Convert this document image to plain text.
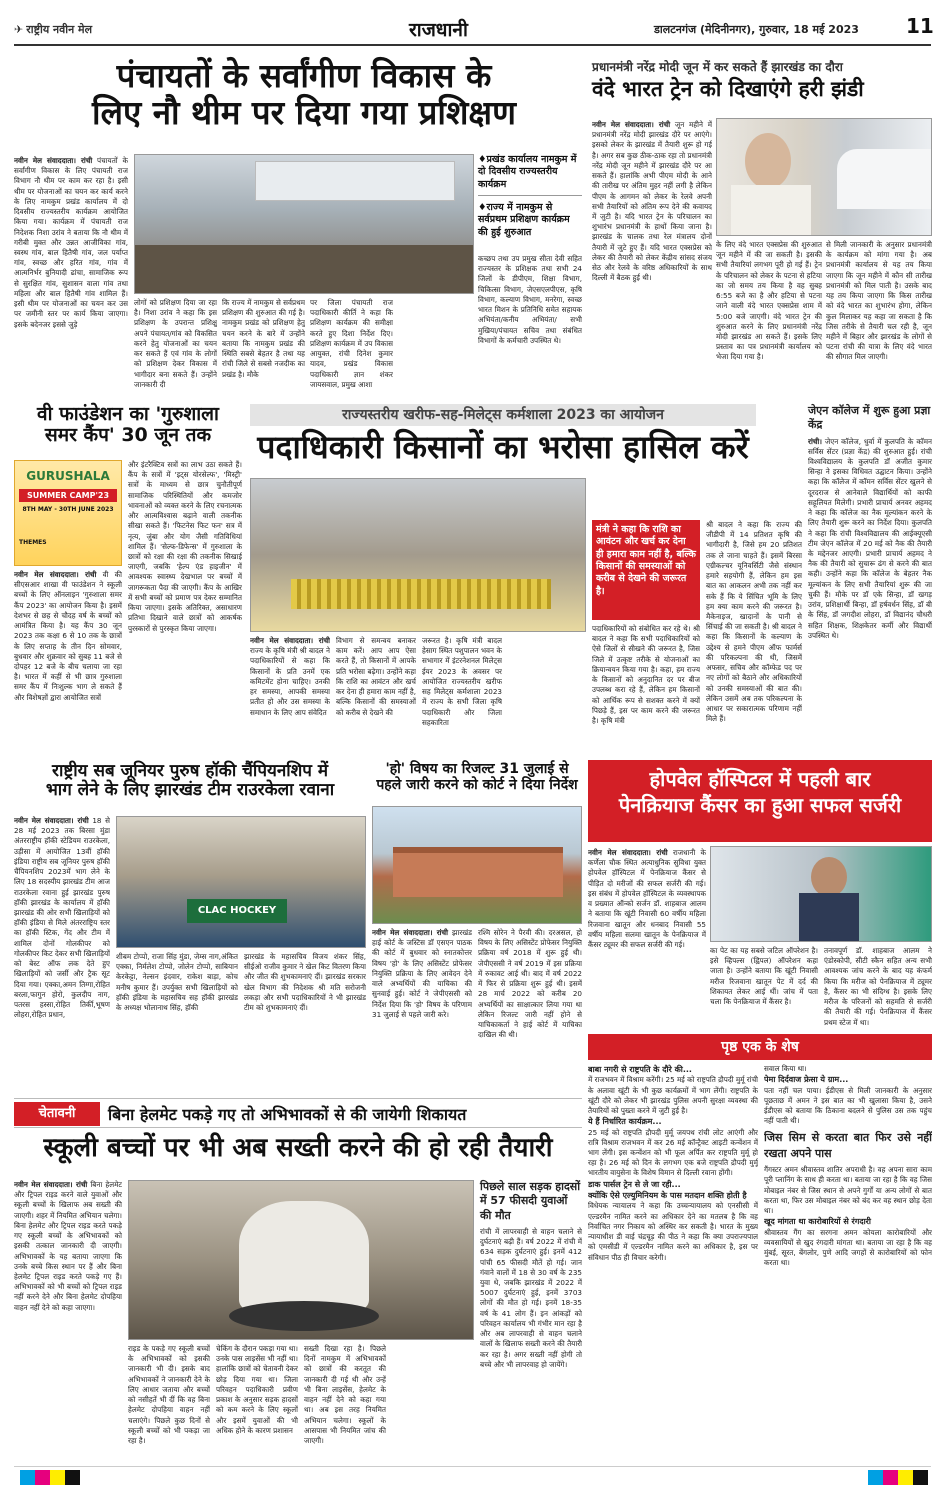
✈ राष्ट्रीय नवीन मेल	राजधानी	डालटनगंज (मेदिनीनगर), गुरुवार, 18 मई 2023 11
पंचायतों के सर्वांगीण विकास के
लिए नौ थीम पर दिया गया प्रशिक्षण
नवीन मेल संवाददाता। रांची पंचायतों के सर्वांगीण विकास के लिए पंचायती राज विभाग नौ थीम पर काम कर रहा है। इसी थीम पर योजनाओं का चयन कर कार्य करने के लिए नामकुम प्रखंड कार्यालय में दो दिवसीय राज्यस्तरीय कार्यक्रम आयोजित किया गया। कार्यक्रम में पंचायती राज निदेशक निशा उरांव ने बताया कि नौ थीम में गरीबी मुक्त और उन्नत आजीविका गांव, स्वस्थ गांव, बाल हितैषी गांव, जल पर्याप्त गांव, स्वच्छ और हरित गांव, गांव में आत्मनिर्भर बुनियादी ढांचा, सामाजिक रूप से सुरक्षित गांव, सुशासन वाला गांव तथा महिला और बाल हितैषी गांव शामिल हैं। इसी थीम पर योजनाओं का चयन कर उस पर जमीनी स्तर पर कार्य किया जाएगा। इसके बदेनजर इससे जुड़े
लोगों को प्रशिक्षण दिया जा रहा है। निशा उरांव ने कहा कि इस प्रशिक्षण के उपरान्त प्रशिक्षु अपने पंचायत/गांव को विकसित करने हेतु योजनाओं का चयन कर सकते हैं एवं गांव के लोगों को प्रशिक्षण देकर विकास में भागीदार बना सकते हैं। उन्होंने जानकारी दी
कि राज्य में नामकुम से सर्वप्रथम प्रशिक्षण की शुरुआत की गई है। नामकुम प्रखंड को प्रशिक्षण हेतु चयन करने के बारे में उन्होंने बताया कि नामकुम प्रखंड की स्थिति सबसे बेहतर है तथा यह रांची जिले से सबसे नजदीक का प्रखंड है। मौके
पर जिला पंचायती राज पदाधिकारी कीर्ति ने कहा कि प्रशिक्षण कार्यक्रम की समीक्षा करते हुए दिशा निर्देश दिए। प्रशिक्षण कार्यक्रम में उप विकास आयुक्त, रांची दिनेश कुमार यादव, प्रखंड विकास पदाधिकारी ज्ञान शंकर जायसवाल, प्रमुख आशा
♦प्रखंड कार्यालय नामकुम में दो दिवसीय राज्यस्तरीय कार्यक्रम
♦राज्य में नामकुम से सर्वप्रथम प्रशिक्षण कार्यक्रम की हुई शुरुआत
कच्छप तथा उप प्रमुख सीता देवी सहित राज्यस्तर के प्रशिक्षक तथा सभी 24 जिलों के डीपीएम, शिक्षा विभाग, चिकित्सा विभाग, जेएसएलपीएस, कृषि विभाग, कल्याण विभाग, मनरेगा, स्वच्छ भारत मिशन के प्रतिनिधि समेत सहायक अभियंता/कनीय अभियंता/ सभी मुखिया/पंचायत सचिव तथा संबंधित विभागों के कर्मचारी उपस्थित थे।
प्रधानमंत्री नरेंद्र मोदी जून में कर सकते हैं झारखंड का दौरा
वंदे भारत ट्रेन को दिखाएंगे हरी झंडी
नवीन मेल संवाददाता। रांची जून महीने में प्रधानमंत्री नरेंद्र मोदी झारखंड दौरे पर आएंगे। इसको लेकर के झारखंड में तैयारी शुरू हो गई है। अगर सब कुछ ठीक-ठाक रहा तो प्रधानमंत्री नरेंद्र मोदी जून महीने में झारखंड दौरे पर आ सकते हैं। हालांकि अभी पीएम मोदी के आने की तारीख पर अंतिम मुहर नहीं लगी है लेकिन पीएम के आगमन को लेकर के रेलवे अपनी सभी तैयारियों को अंतिम रूप देने की कवायद में जुटी है। यदि भारत ट्रेन के परिचालन का शुभारंभ प्रधानमंत्री के हाथों किया जाना है। झारखंड के चालक तथा रेल मंत्रालय दोनों तैयारी में जुटे हुए हैं। यदि भारत एक्सप्रेस को लेकर की तैयारी को लेकर केंद्रीय सांसद संजय सेठ और रेलवे के वरिष्ठ अधिकारियों के साथ दिल्ली में बैठक हुई थी।
के लिए वंदे भारत एक्सप्रेस की शुरुआत जून महीने में की जा सकती है। इसकी सभी तैयारियां लगभग पूरी हो गई हैं। ट्रेन के परिचालन को लेकर के पटना से हटिया का जो समय तय किया है वह सुबह 6:55 बजे का है और हटिया से पटना जाने वाली वंदे भारत एक्सप्रेस शाम में 5:00 बजे जाएगी। वंदे भारत ट्रेन की शुरुआत करने के लिए प्रधानमंत्री नरेंद्र मोदी झारखंड आ सकते हैं। इसके लिए प्रस्ताव का पत्र प्रधानमंत्री कार्यालय को भेजा दिया गया है।
से मिली जानकारी के अनुसार प्रधानमंत्री के कार्यक्रम को मांगा गया है। अब प्रधानमंत्री कार्यालय से यह तय किया जाएगा कि जून महीने में कौन सी तारीख प्रधानमंत्री को मिल पाती है। उसके बाद यह तय किया जाएगा कि किस तारीख को वंदे भारत का शुभारंभ होगा, लेकिन कुल मिलाकर यह कहा जा सकता है कि जिस तरीके से तैयारी चल रही है, जून महीने में बिहार और झारखंड के लोगों से पटना रांची की यात्रा के लिए वंदे भारत की सौगात मिल जाएगी।
वी फाउंडेशन का 'गुरुशाला
समर कैंप' 30 जून तक
GURUSHALA
SUMMER CAMP'23
8TH MAY - 30TH JUNE 2023
THEMES
नवीन मेल संवाददाता। रांची वी की सीएसआर शाखा वी फाउंडेशन ने स्कूली बच्चों के लिए ऑनलाइन 'गुरुशाला समर कैंप 2023' का आयोजन किया है। इसमें देशभर से छह से चौदह वर्ष के बच्चों को आमंत्रित किया है। यह कैंप 30 जून 2023 तक कक्षा 6 से 10 तक के छात्रों के लिए सप्ताह के तीन दिन सोमवार, बुधवार और शुक्रवार को सुबह 11 बजे से दोपहर 12 बजे के बीच चलाया जा रहा है। भारत में कहीं से भी छात्र गुरुशाला समर कैंप में निःशुल्क भाग ले सकते हैं और विशेषज्ञों द्वारा आयोजित सत्रों
और इंटरैक्टिव सत्रों का लाभ उठा सकते हैं। कैंप के सत्रों में 'इट्स योरसेल्फ', 'मिस्ट्री' सत्रों के माध्यम से छात्र चुनौतीपूर्ण सामाजिक परिस्थितियों और कमजोर भावनाओं को व्यक्त करने के लिए रचनात्मक और आत्मविश्वास बढ़ाने वाली तकनीक सीखा सकते हैं। 'फिटनेस फिट फन' सत्र में नृत्य, जुंबा और योग जैसी गतिविधियां शामिल हैं। 'सेल्फ-डिफेन्स' में गुरुशाला के छात्रों को रक्षा की रक्षा की तकनीक सिखाई जाएगी, जबकि 'हेल्प एंड हाइजीन' में आवश्यक स्वास्थ्य देखभाल पर बच्चों में जागरूकता पैदा की जाएगी। कैंप के आखिर में सभी बच्चों को प्रमाण पत्र देकर सम्मानित किया जाएगा। इसके अतिरिक्त, असाधारण प्रतिभा दिखाने वाले छात्रों को आकर्षक पुरस्कारों से पुरस्कृत किया जाएगा।
राज्यस्तरीय खरीफ-सह-मिलेट्स कर्मशाला 2023 का आयोजन
पदाधिकारी किसानों का भरोसा हासिल करें
नवीन मेल संवाददाता। रांची राज्य के कृषि मंत्री श्री बादल ने पदाधिकारियों से कहा कि किसानों के प्रति उनमें एक कमिटमेंट होना चाहिए। उनकी हर समस्या, आपकी समस्या प्रतीत हो और उस समस्या के समाधान के लिए आप संवेदित
विभाग से समन्वय बनाकर काम करें। आप आप ऐसा करते हैं, तो किसानों में आपके प्रति भरोसा बढ़ेगा। उन्होंने कहा कि राशि का आवंटन और खर्च कर देना ही हमारा काम नहीं है, बल्कि किसानों की समस्याओं को करीब से देखने की
जरूरत है। कृषि मंत्री बादल हेसाग स्थित पशुपालन भवन के सभागार में इंटरनेशनल मिलेट्स ईयर 2023 के अवसर पर आयोजित राज्यस्तरीय खरीफ सह मिलेट्स कर्मशाला 2023 में राज्य के सभी जिला कृषि पदाधिकारी और जिला सहकारिता
मंत्री ने कहा कि राशि का आवंटन और खर्च कर देना ही हमारा काम नहीं है, बल्कि किसानों की समस्याओं को करीब से देखने की जरूरत है।
पदाधिकारियों को संबोधित कर रहे थे। श्री बादल ने कहा कि सभी पदाधिकारियों को ऐसे जिलों से सीखने की जरूरत है, जिस जिले में उत्कृष्ट तरीके से योजनाओं का क्रियान्वयन किया गया है। कहा, हम राज्य के किसानों को अनुदानित दर पर बीज उपलब्ध करा रहे हैं, लेकिन हम किसानों को आर्थिक रूप से सशक्त करने में क्यों पिछड़े हैं, इस पर काम करने की जरूरत है। कृषि मंत्री
श्री बादल ने कहा कि राज्य की जीडीपी में 14 प्रतिशत कृषि की भागीदारी है, जिसे हम 20 प्रतिशत तक ले जाना चाहते हैं। इसमें बिरसा एग्रीकल्चर यूनिवर्सिटी जैसे संस्थान हमारे सहयोगी हैं, लेकिन हम इस बात का आकलन अभी तक नहीं कर सके हैं कि ये सिंचित भूमि के लिए हम क्या काम करने की जरूरत है। मैकेनाइज, खादानों के पानी से सिंचाई की जा सकती है। श्री बादल ने कहा कि किसानों के कल्याण के उद्देश्य से हमने पीएम ऑफ फार्मर्स की परिकल्पना की थी, जिसमें अफसर, सचिव और कॉम्फेड पद पर नए लोगों को बैठाने और अधिकारियों को उनकी समस्याओं की बात की। लेकिन उसमें अब तक परिकल्पना के आधार पर सकारात्मक परिणाम नहीं मिले हैं।
जेएन कॉलेज में शुरू हुआ प्रज्ञा केंद्र
रांची। जेएन कॉलेज, धुर्वा में कुलपति के कॉमन सर्विस सेंटर (प्रज्ञा केंद्र) की शुरुआत हुई। रांची विश्वविद्यालय के कुलपति डॉ अजीत कुमार सिन्हा ने इसका विधिवत उद्घाटन किया। उन्होंने कहा कि कॉलेज में कॉमन सर्विस सेंटर खुलने से दूरदराज से आनेवाले विद्यार्थियों को काफी सहूलियत मिलेगी। प्रभारी प्राचार्य अनवर अहमद ने कहा कि कॉलेज का नैक मूल्यांकन करने के लिए तैयारी शुरू करने का निर्देश दिया। कुलपति ने कहा कि रांची विश्वविद्यालय की आईक्यूएसी टीम जेएन कॉलेज में 20 मई को नैक की तैयारी के मद्देनजर आएगी। प्रभारी प्राचार्य अहमद ने नैक की तैयारी को सुचारू ढंग से करने की बात कही। उन्होंने कहा कि कॉलेज के बेहतर नैक मूल्यांकन के लिए सभी तैयारियां शुरू की जा चुकी हैं। मौके पर डॉ एके सिन्हा, डॉ खगड़ उरांव, प्रशिक्षार्थी बिन्हा, डॉ हर्षवर्धन सिंह, डॉ बी के सिंह, डॉ जगदीश लोहरा, डॉ विद्यानंद चौधरी सहित शिक्षक, शिक्षकेतर कर्मी और विद्यार्थी उपस्थित थे।
राष्ट्रीय सब जूनियर पुरुष हॉकी चैंपियनशिप में
भाग लेने के लिए झारखंड टीम राउरकेला रवाना
नवीन मेल संवाददाता। रांची 18 से 28 मई 2023 तक बिरसा मुंडा अंतरराष्ट्रीय हॉकी स्टेडियम राउरकेला, उड़ीसा में आयोजित 13वीं हॉकी इंडिया राष्ट्रीय सब जूनियर पुरुष हॉकी चैंपियनशिप 2023में भाग लेने के लिए 18 सदस्यीय झारखंड टीम आज राउरकेला रवाना हुई झारखंड पुरुष हॉकी झारखंड के कार्यालय में हॉकी झारखंड की ओर सभी खिलाड़ियों को हॉकी इंडिया से मिले अंतरराष्ट्रिय स्तर का हॉकी स्टिक, गेंद और टीम में शामिल दोनों गोलकीपर को गोलकीपर किट देकर सभी खिलाड़ियों को बेस्ट ऑफ लक देते हुए खिलाड़ियों को जर्सी और ट्रैक सूट दिया गया। एक्का,अमन तिग्गा,रोहित बरला,फागुन होरो, कुलदीप नाग, पतरस हस्सा,रोहित तिर्की,भूषण लोहरा,रोहित प्रधान,
CLAC HOCKEY
शीबम टोप्पो, राजा सिंह मुंडा, जेम्स नाग,अंकित एक्का, निर्मलेश टोप्पो, जोलेन टोप्पो, साबियान केरकेट्टा, नेल्सन इंदवार, राकेश बाड़ा, कोच मनीष कुमार हैं। उपर्युक्त सभी खिलाड़ियों को हॉकी इंडिया के महासचिव सह हॉकी झारखंड के अध्यक्ष भोलानाथ सिंह, हॉकी
झारखंड के महासचिव विजय शंकर सिंह, सीईओ राजीव कुमार ने खेल किट वितरण किया और जीत की शुभकामनाएं दीं। झारखंड सरकार खेल विभाग की निदेशक श्री मति सरोजनी लकड़ा और सभी पदाधिकारियों ने भी झारखंड टीम को शुभकामनाएं दीं।
'हो' विषय का रिजल्ट 31 जुलाई से
पहले जारी करने को कोर्ट ने दिया निर्देश
नवीन मेल संवाददाता। रांची झारखंड हाई कोर्ट के जस्टिस डॉ एसएन पाठक की कोर्ट में बुधवार को स्नातकोत्तर विषय 'हो' के लिए असिस्टेंट प्रोफेसर नियुक्ति प्रक्रिया के लिए आवेदन देने वाले अभ्यर्थियों की याचिका की सुनवाई हुई। कोर्ट ने जेपीएससी को निर्देश दिया कि 'हो' विषय के परिणाम 31 जुलाई से पहले जारी करे।
रश्मि सोरेन ने पैरवी की। दरअसल, हो विषय के लिए असिस्टेंट प्रोफेसर नियुक्ति प्रक्रिया वर्ष 2018 में शुरू हुई थी। जेपीएससी ने वर्ष 2019 में इस प्रक्रिया में रुकावट आई थी। बाद में वर्ष 2022 में फिर से प्रक्रिया शुरू हुई थी। इसमें 28 मार्च 2022 को करीब 20 अभ्यर्थियों का साक्षात्कार लिया गया था लेकिन रिजल्ट जारी नहीं होने से याचिकाकर्ता ने हाई कोर्ट में याचिका दाखिल की थी।
होपवेल हॉस्पिटल में पहली बार
पेनक्रियाज कैंसर का हुआ सफल सर्जरी
नवीन मेल संवाददाता। रांची राजधानी के कर्णेला चौक स्थित अत्याधुनिक सुविधा युक्त होपवेल हॉस्पिटल में पेनक्रियाज कैंसर से पीड़ित दो मरीजों की सफल सर्जरी की गई। इस संबंध में होपवेल हॉस्पिटल के व्यवस्थापक व प्रख्यात ऑन्को सर्जन डॉ. शाहबाज आलम ने बताया कि खूंटी निवासी 60 वर्षीय महिला रिजवाना खातून और धनबाद निवासी 55 वर्षीय महिला सलमा खातून के पेनक्रियाज में कैंसर ट्यूमर की सफल सर्जरी की गई।
का पेट का यह सबसे जटिल ऑपरेशन है। इसे व्हिपल्स (ह्विपल) ऑपरेशन कहा जाता है। उन्होंने बताया कि खूंटी निवासी मरीज रिजवाना खातून पेट में दर्द की शिकायत लेकर आई थीं। जांच में पता चला कि पेनक्रियाज में कैंसर है।
तनावपूर्ण डॉ. शाहबाज आलम ने एंडोस्कोपी, सीटी स्कैन सहित अन्य सभी आवश्यक जांच करने के बाद यह कंफर्म किया कि मरीज को पेनक्रियाज में ट्यूमर है, कैंसर का भी संदिग्ध है। इसके लिए मरीज के परिजनों को सहमति से सर्जरी की तैयारी की गई। पेनक्रियाज में कैंसर प्रथम स्टेज में था।
पृष्ठ एक के शेष
बाबा नगरी से राष्ट्रपति के दौरे की...
में राजभवन में विश्राम करेंगी। 25 मई को राष्ट्रपति द्रौपदी मुर्मू रांची के अलावा खूंटी के भी कुछ कार्यक्रमों में भाग लेंगी। राष्ट्रपति के खूंटी दौरे को लेकर भी झारखंड पुलिस अपनी सुरक्षा व्यवस्था की तैयारियों को पुख्ता करने में जुटी हुई है।
ये हैं निर्धारित कार्यक्रम...
25 मई को राष्ट्रपति द्रौपदी मुर्मू जयपथ रांची लोट आएंगी और रात्रि विश्राम राजभवन में कर 26 मई कॉन्ट्रैक्ट आइटी कन्वेंशन में भाग लेंगी। इस कन्वेंशन को भी फूल अर्पित कर राष्ट्रपति मुर्मू हो रहा है। 26 मई को दिन के लगभग एक बजे राष्ट्रपति द्रौपदी मुर्मू भारतीय वायुसेना के विशेष विमान से दिल्ली रवाना होंगी।
डाक पार्सल ट्रेन से ले जा रही...
क्योंकि ऐसे एल्युमिनियम के पास मतदान शक्ति होती है
विधेयक न्यायालय ने कहा कि उच्चन्यायालय को एनसीसी में एल्डरमैन नामित करने का अधिकार देने का मतलब है कि वह निर्वाचित नगर निकाय को अस्थिर कर सकती है। भारत के मुख्य न्यायाधीश डी वाई चंद्रचूड़ की पीठ ने कहा कि क्या उपराज्यपाल को एमसीडी में एल्डरमैन नामित करने का अधिकार है, इस पर संविधान पीठ ही विचार करेगी।
सवाल किया था।
पेमा दिर्दवाज फ्रेसा ये ग्राम...
पता नहीं चल पाया। ईडीएस से मिली जानकारी के अनुसार पूछताछ में अमन ने इस बात का भी खुलासा किया है, उसने ईडीएस को बताया कि ठिकाना बदलने से पुलिस उस तक पहुंच नहीं पाती थी।
जिस सिम से करता बात फिर उसे नहीं रखता अपने पास
गैंगस्टर अमन श्रीवास्तव शातिर अपराधी है। वह अपना सारा काम पूरी प्लानिंग के साथ ही करता था। बताया जा रहा है कि वह जिस मोबाइल नंबर से जिस स्थान से अपने गुर्गों या अन्य लोगों से बात करता था, फिर उस मोबाइल नंबर को बंद कर वह स्थान छोड़ देता था।
खूद मांगता था कारोबारियों से रंगदारी
श्रीवास्तव गैंग का सरगना अमन कोयला कारोबारियों और व्यवसायियों से खुद रंगदारी मांगता था। बताया जा रहा है कि वह मुंबई, सूरत, बेंगलोर, पुणे आदि जगहों से कारोबारियों को फोन करता था।
चेतावनी	बिना हेलमेट पकड़े गए तो अभिभावकों से की जायेगी शिकायत
स्कूली बच्चों पर भी अब सख्ती करने की हो रही तैयारी
नवीन मेल संवाददाता। रांची बिना हेलमेट और ट्रिपल राइड करने वाले युवाओं और स्कूली बच्चों के खिलाफ अब सख्ती की जाएगी। शहर में नियमित अभियान चलेगा। बिना हेलमेट और ट्रिपल राइड करते पकड़े गए स्कूली बच्चों के अभिभावकों को इसकी तत्काल जानकारी दी जाएगी। अभिभावकों के यह बताया जाएगा कि उनके बच्चे किस स्थान पर हैं और बिना हेलमेट ट्रिपल राइड करते पकड़े गए हैं। अभिभावकों को भी बच्चों को ट्रिपल राइड नहीं करने देने और बिना हेलमेट दोपहिया वाहन नहीं देने को कहा जाएगा।
राइड के पकड़े गए स्कूली बच्चों के अभिभावकों को इसकी जानकारी भी दी। इसके बाद अभिभावकों ने जानकारी देने के लिए आधार जताया और बच्चों को नसीहतें भी दीं कि वह बिना हेलमेट दोपहिया वाहन नहीं चलाएंगे। पिछले कुछ दिनों से स्कूली बच्चों को भी पकड़ा जा रहा है।
चेकिंग के दौरान पकड़ा गया था। उनके पास लाइसेंस भी नहीं था। हालांकि छात्रों को चेतावनी देकर छोड़ दिया गया था। जिला परिवहन पदाधिकारी प्रवीण प्रकाश के अनुसार सड़क हादसों को कम करने के लिए स्कूलों और इसमें युवाओं की भी अधिक होने के कारण प्रशासन
सख्ती दिखा रहा है। पिछले दिनों नामकुम में अभिभावकों को छात्रों की करतूत की जानकारी दी गई थी और उन्हें भी बिना लाइसेंस, हेलमेट के वाहन नहीं देने को कहा गया था। अब इस तरह नियमित अभियान चलेगा। स्कूलों के आसपास भी नियमित जांच की जाएगी।
पिछले साल सड़क हादसों में 57 फीसदी युवाओं की मौत
रांची में लापरवाही से वाहन चलाने से दुर्घटनाएं बढ़ी हैं। वर्ष 2022 में रांची में 634 सड़क दुर्घटनाएं हुई। इनमें 412 पांची 65 फीसदी मौतें हो गई। जान गंवाने वालों में 18 से 30 वर्ष के 235 युवा थे, जबकि झारखंड में 2022 में 5007 दुर्घटनाएं हुई, इनमें 3703 लोगों की मौत हो गई। इनमें 18-35 वर्ष के 41 लोग हैं। इन आंकड़ों को परिवहन कार्यालय भी गंभीर मान रहा है और अब लापरवाही से वाहन चलाने वालों के खिलाफ सख्ती करने की तैयारी कर रहा है। अगर सख्ती नहीं होगी तो बच्चे और भी लापरवाह हो जायेंगे।
